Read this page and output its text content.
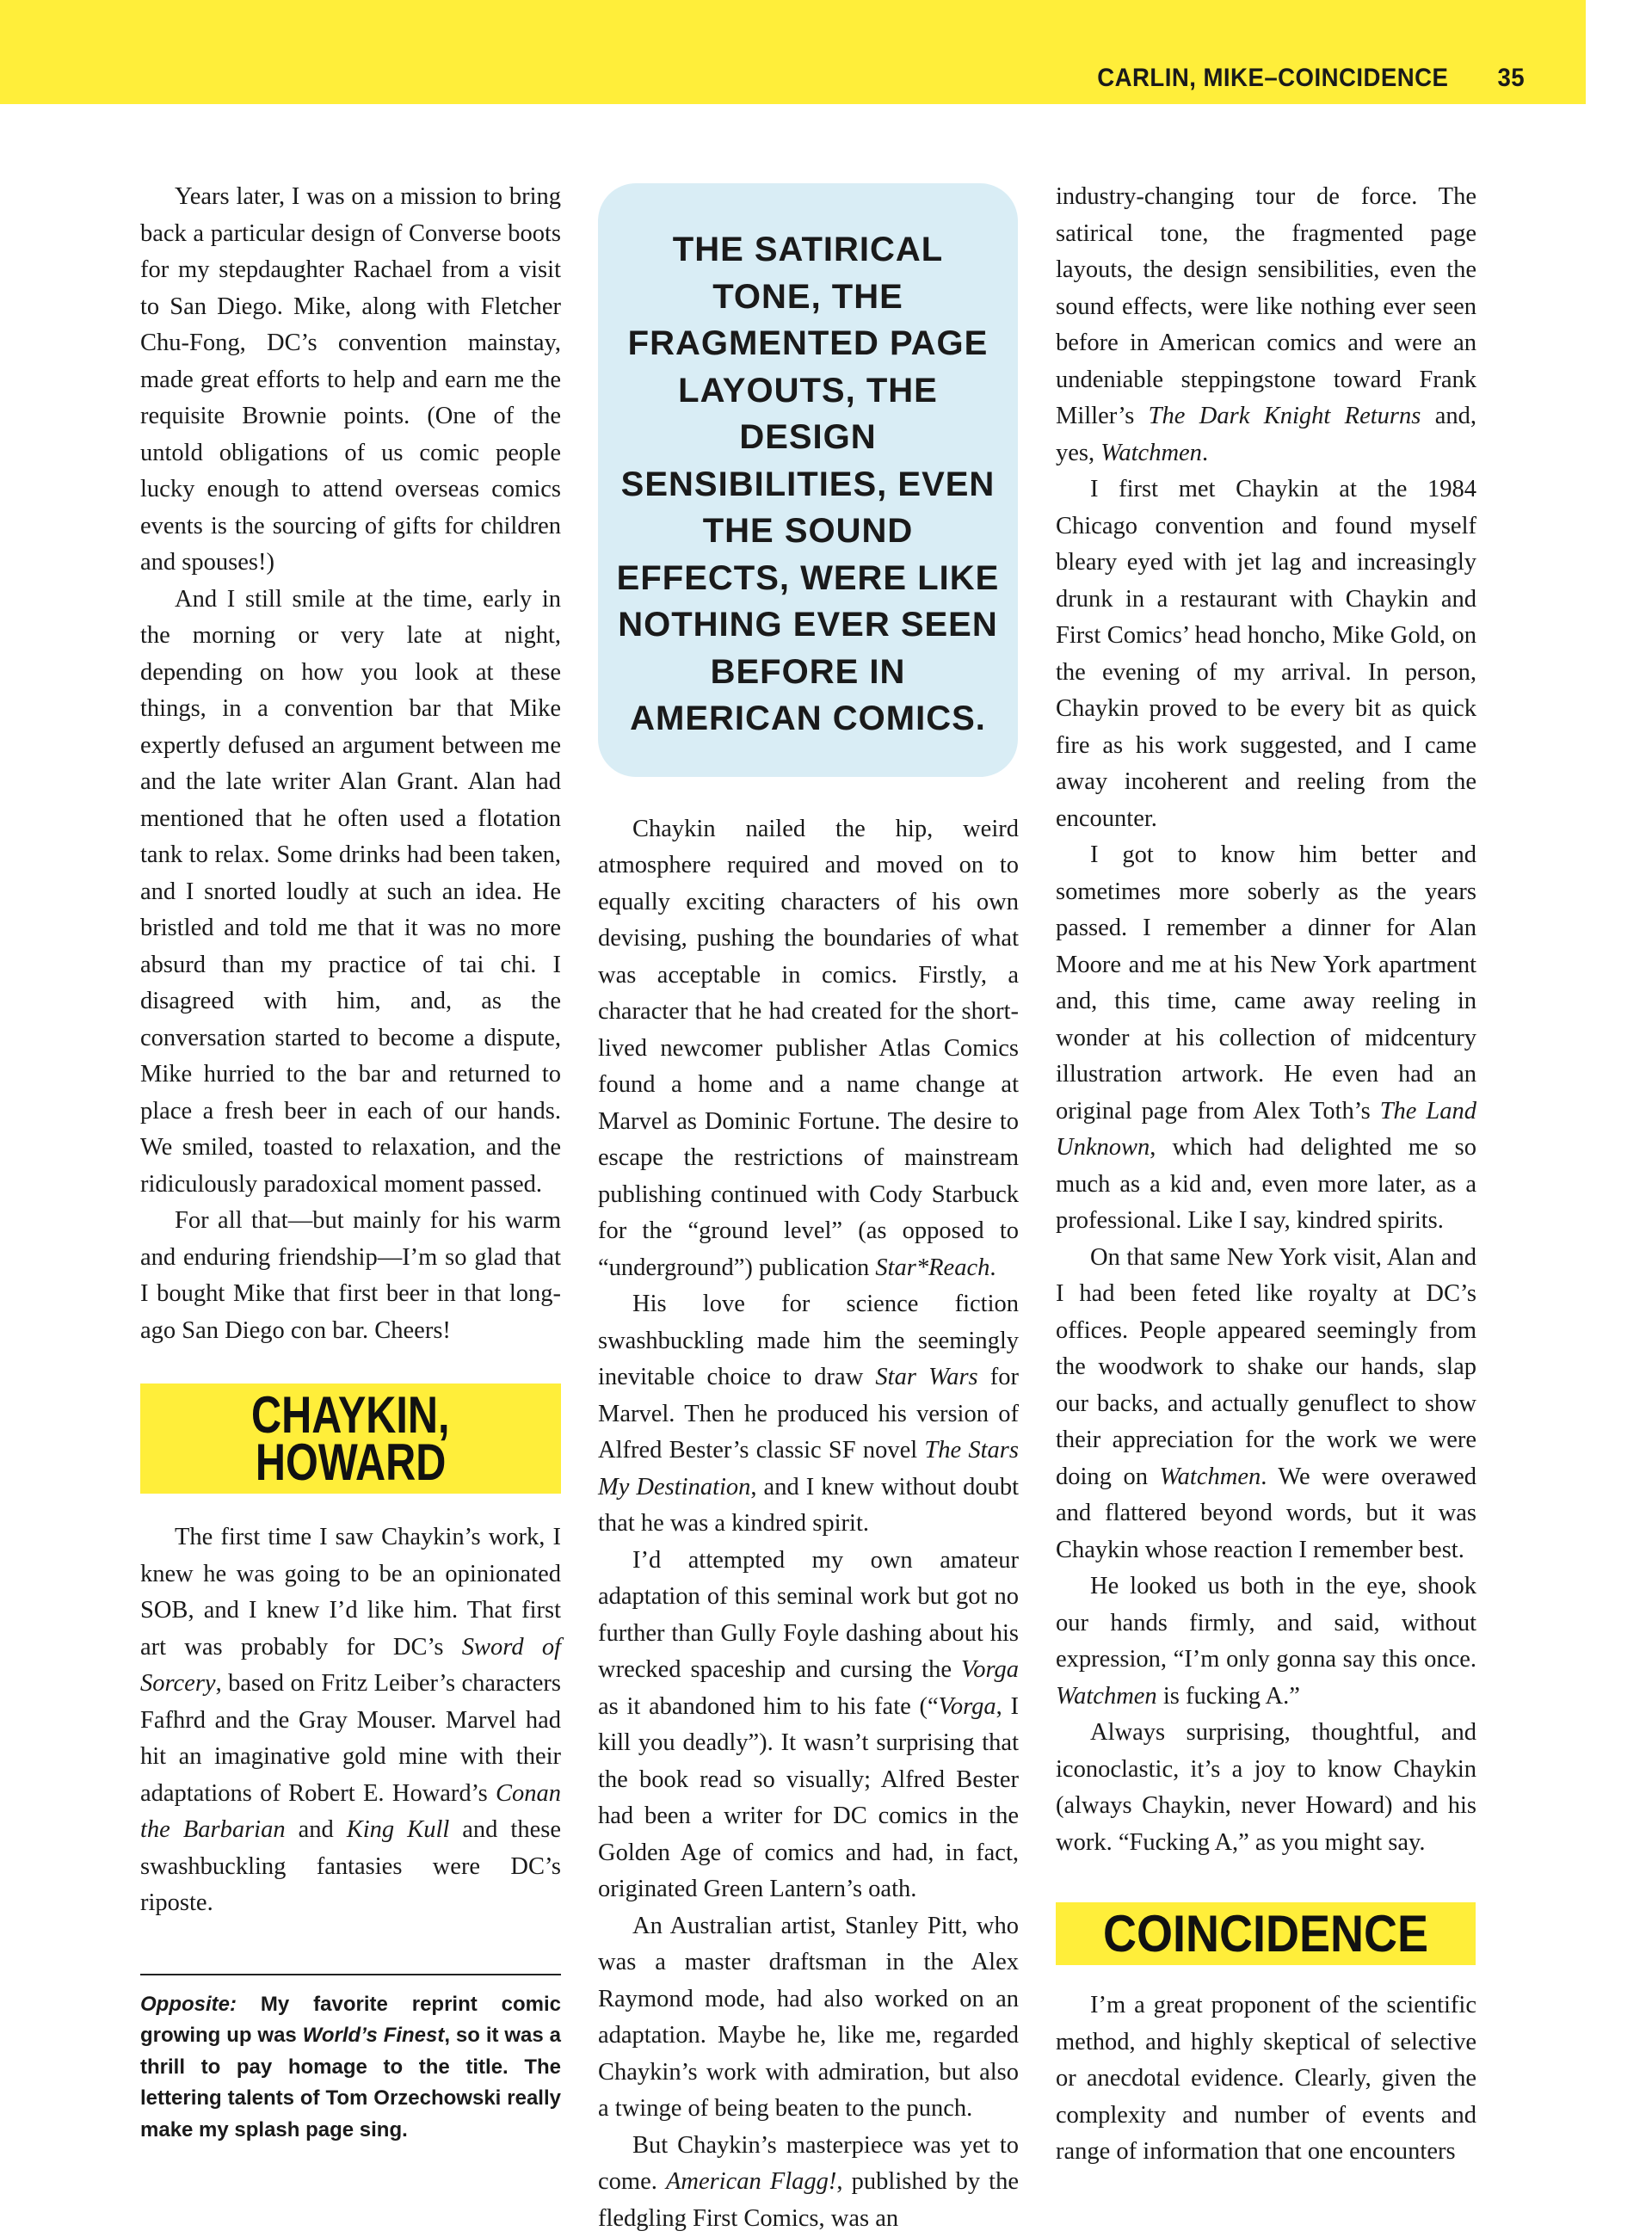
CARLIN, MIKE–COINCIDENCE 35

Years later, I was on a mission to bring back a particular design of Converse boots for my stepdaughter Rachael from a visit to San Diego. Mike, along with Fletcher Chu-Fong, DC’s convention mainstay, made great efforts to help and earn me the requisite Brownie points. (One of the untold obligations of us comic people lucky enough to attend overseas comics events is the sourcing of gifts for children and spouses!)

And I still smile at the time, early in the morning or very late at night, depending on how you look at these things, in a convention bar that Mike expertly defused an argument between me and the late writer Alan Grant. Alan had mentioned that he often used a flotation tank to relax. Some drinks had been taken, and I snorted loudly at such an idea. He bristled and told me that it was no more absurd than my practice of tai chi. I disagreed with him, and, as the conversation started to become a dispute, Mike hurried to the bar and returned to place a fresh beer in each of our hands. We smiled, toasted to relaxation, and the ridiculously paradoxical moment passed.

For all that—but mainly for his warm and enduring friendship—I’m so glad that I bought Mike that first beer in that long-ago San Diego con bar. Cheers!

CHAYKIN,
HOWARD

The first time I saw Chaykin’s work, I knew he was going to be an opinionated SOB, and I knew I’d like him. That first art was probably for DC’s Sword of Sorcery, based on Fritz Leiber’s characters Fafhrd and the Gray Mouser. Marvel had hit an imaginative gold mine with their adaptations of Robert E. Howard’s Conan the Barbarian and King Kull and these swashbuckling fantasies were DC’s riposte.

Opposite: My favorite reprint comic growing up was World’s Finest, so it was a thrill to pay homage to the title. The lettering talents of Tom Orzechowski really make my splash page sing.
THE SATIRICAL TONE, THE FRAGMENTED PAGE LAYOUTS, THE DESIGN SENSIBILITIES, EVEN THE SOUND EFFECTS, WERE LIKE NOTHING EVER SEEN BEFORE IN AMERICAN COMICS.

Chaykin nailed the hip, weird atmosphere required and moved on to equally exciting characters of his own devising, pushing the boundaries of what was acceptable in comics. Firstly, a character that he had created for the short-lived newcomer publisher Atlas Comics found a home and a name change at Marvel as Dominic Fortune. The desire to escape the restrictions of mainstream publishing continued with Cody Starbuck for the “ground level” (as opposed to “underground”) publication Star*Reach.

His love for science fiction swashbuckling made him the seemingly inevitable choice to draw Star Wars for Marvel. Then he produced his version of Alfred Bester’s classic SF novel The Stars My Destination, and I knew without doubt that he was a kindred spirit.

I’d attempted my own amateur adaptation of this seminal work but got no further than Gully Foyle dashing about his wrecked spaceship and cursing the Vorga as it abandoned him to his fate (“Vorga, I kill you deadly”). It wasn’t surprising that the book read so visually; Alfred Bester had been a writer for DC comics in the Golden Age of comics and had, in fact, originated Green Lantern’s oath.

An Australian artist, Stanley Pitt, who was a master draftsman in the Alex Raymond mode, had also worked on an adaptation. Maybe he, like me, regarded Chaykin’s work with admiration, but also a twinge of being beaten to the punch.

But Chaykin’s masterpiece was yet to come. American Flagg!, published by the fledgling First Comics, was an

industry-changing tour de force. The satirical tone, the fragmented page layouts, the design sensibilities, even the sound effects, were like nothing ever seen before in American comics and were an undeniable steppingstone toward Frank Miller’s The Dark Knight Returns and, yes, Watchmen.

I first met Chaykin at the 1984 Chicago convention and found myself bleary eyed with jet lag and increasingly drunk in a restaurant with Chaykin and First Comics’ head honcho, Mike Gold, on the evening of my arrival. In person, Chaykin proved to be every bit as quick fire as his work suggested, and I came away incoherent and reeling from the encounter.

I got to know him better and sometimes more soberly as the years passed. I remember a dinner for Alan Moore and me at his New York apartment and, this time, came away reeling in wonder at his collection of midcentury illustration artwork. He even had an original page from Alex Toth’s The Land Unknown, which had delighted me so much as a kid and, even more later, as a professional. Like I say, kindred spirits.

On that same New York visit, Alan and I had been feted like royalty at DC’s offices. People appeared seemingly from the woodwork to shake our hands, slap our backs, and actually genuflect to show their appreciation for the work we were doing on Watchmen. We were overawed and flattered beyond words, but it was Chaykin whose reaction I remember best.

He looked us both in the eye, shook our hands firmly, and said, without expression, “I’m only gonna say this once. Watchmen is fucking A.”

Always surprising, thoughtful, and iconoclastic, it’s a joy to know Chaykin (always Chaykin, never Howard) and his work. “Fucking A,” as you might say.

COINCIDENCE

I’m a great proponent of the scientific method, and highly skeptical of selective or anecdotal evidence. Clearly, given the complexity and number of events and range of information that one encounters
